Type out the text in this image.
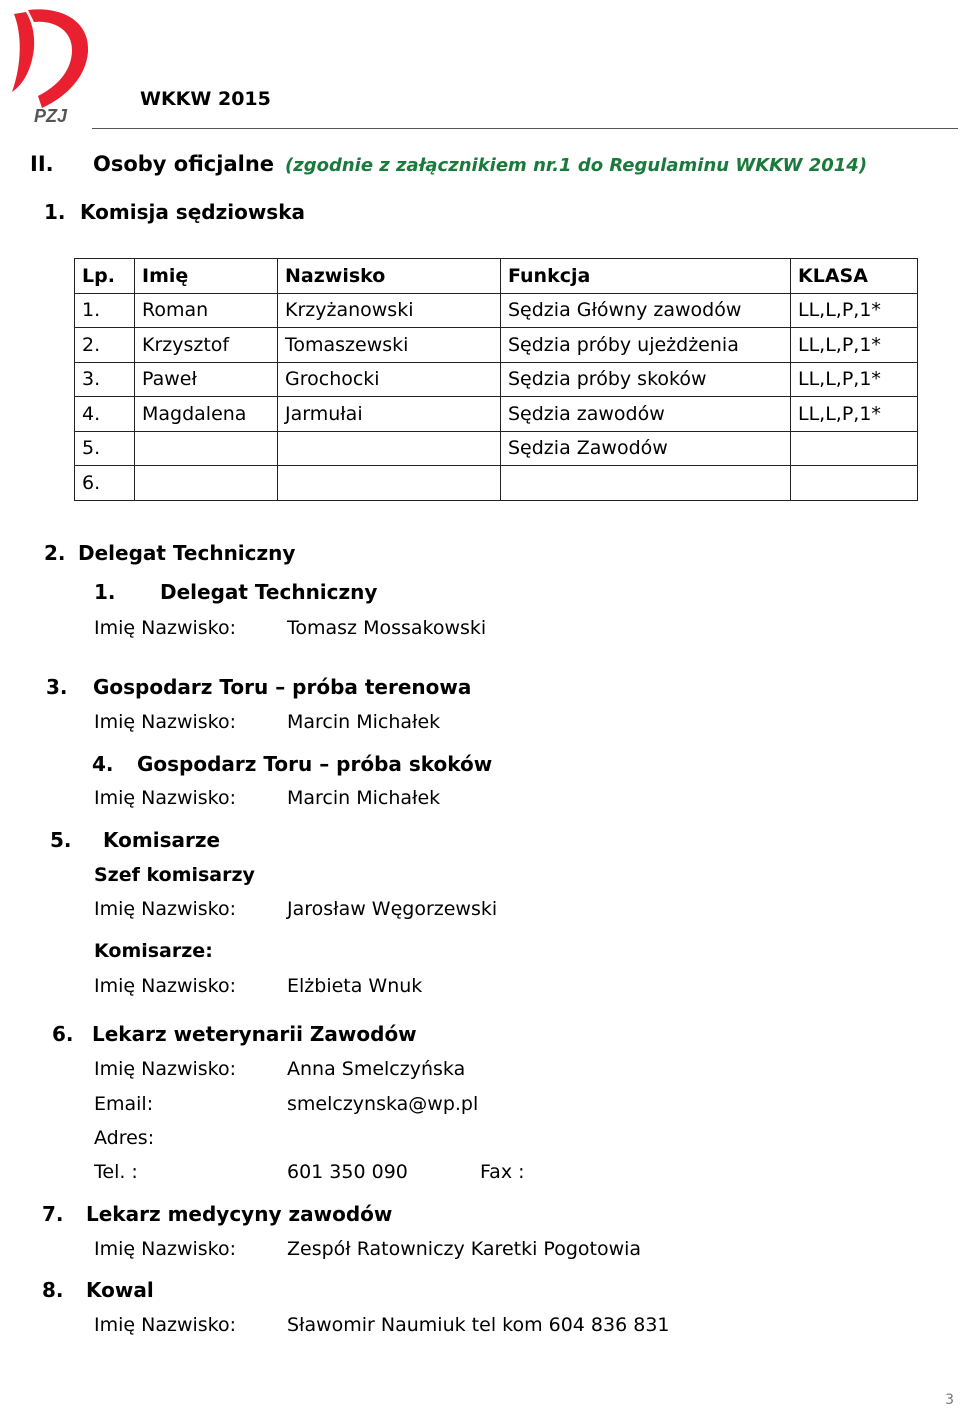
PZJ
WKKW 2015
II. Osoby oficjalne (zgodnie z załącznikiem nr.1 do Regulaminu WKKW 2014)
1. Komisja sędziowska
Lp.	Imię	Nazwisko	Funkcja	KLASA
1.	Roman	Krzyżanowski	Sędzia Główny zawodów	LL,L,P,1*
2.	Krzysztof	Tomaszewski	Sędzia próby ujeżdżenia	LL,L,P,1*
3.	Paweł	Grochocki	Sędzia próby skoków	LL,L,P,1*
4.	Magdalena	Jarmułai	Sędzia zawodów	LL,L,P,1*
5.			Sędzia Zawodów	
6.				
2. Delegat Techniczny
1. Delegat Techniczny
Imię Nazwisko:	Tomasz Mossakowski
3. Gospodarz Toru – próba terenowa
Imię Nazwisko:	Marcin Michałek
4. Gospodarz Toru – próba skoków
Imię Nazwisko:	Marcin Michałek
5. Komisarze
Szef komisarzy
Imię Nazwisko:	Jarosław Węgorzewski
Komisarze:
Imię Nazwisko:	Elżbieta Wnuk
6. Lekarz weterynarii Zawodów
Imię Nazwisko:	Anna Smelczyńska
Email:	smelczynska@wp.pl
Adres:
Tel. :	601 350 090	Fax :
7. Lekarz medycyny zawodów
Imię Nazwisko:	Zespół Ratowniczy Karetki Pogotowia
8. Kowal
Imię Nazwisko:	Sławomir Naumiuk tel kom 604 836 831
3
